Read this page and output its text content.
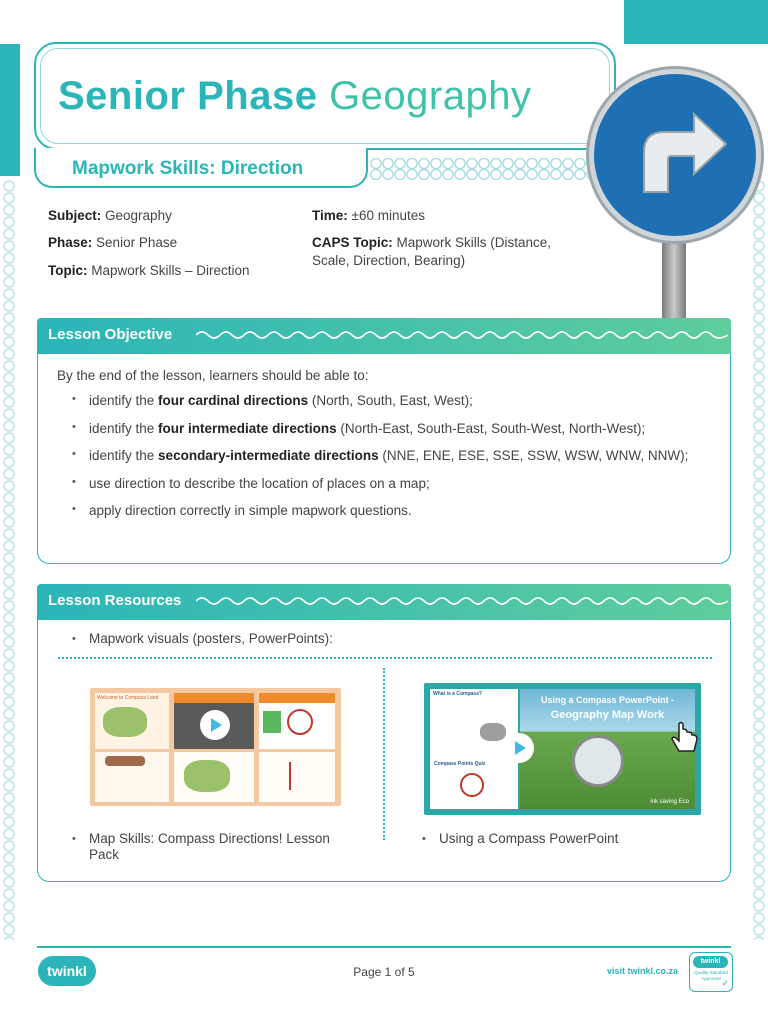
Senior Phase Geography
Mapwork Skills: Direction
Subject: Geography
Phase: Senior Phase
Topic: Mapwork Skills – Direction
Time: ±60 minutes
CAPS Topic: Mapwork Skills (Distance, Scale, Direction, Bearing)
Lesson Objective
By the end of the lesson, learners should be able to:
• identify the four cardinal directions (North, South, East, West);
• identify the four intermediate directions (North-East, South-East, South-West, North-West);
• identify the secondary-intermediate directions (NNE, ENE, ESE, SSE, SSW, WSW, WNW, NNW);
• use direction to describe the location of places on a map;
• apply direction correctly in simple mapwork questions.
Lesson Resources
• Mapwork visuals (posters, PowerPoints):
Welcome to Compass Land
• Map Skills: Compass Directions! Lesson Pack
What is a Compass?
Compass Points Quiz
Using a Compass PowerPoint -
Geography Map Work
ink saving Eco
• Using a Compass PowerPoint
twinkl	Page 1 of 5	visit twinkl.co.za
twinkl
Quality Standard
Approved ✓
